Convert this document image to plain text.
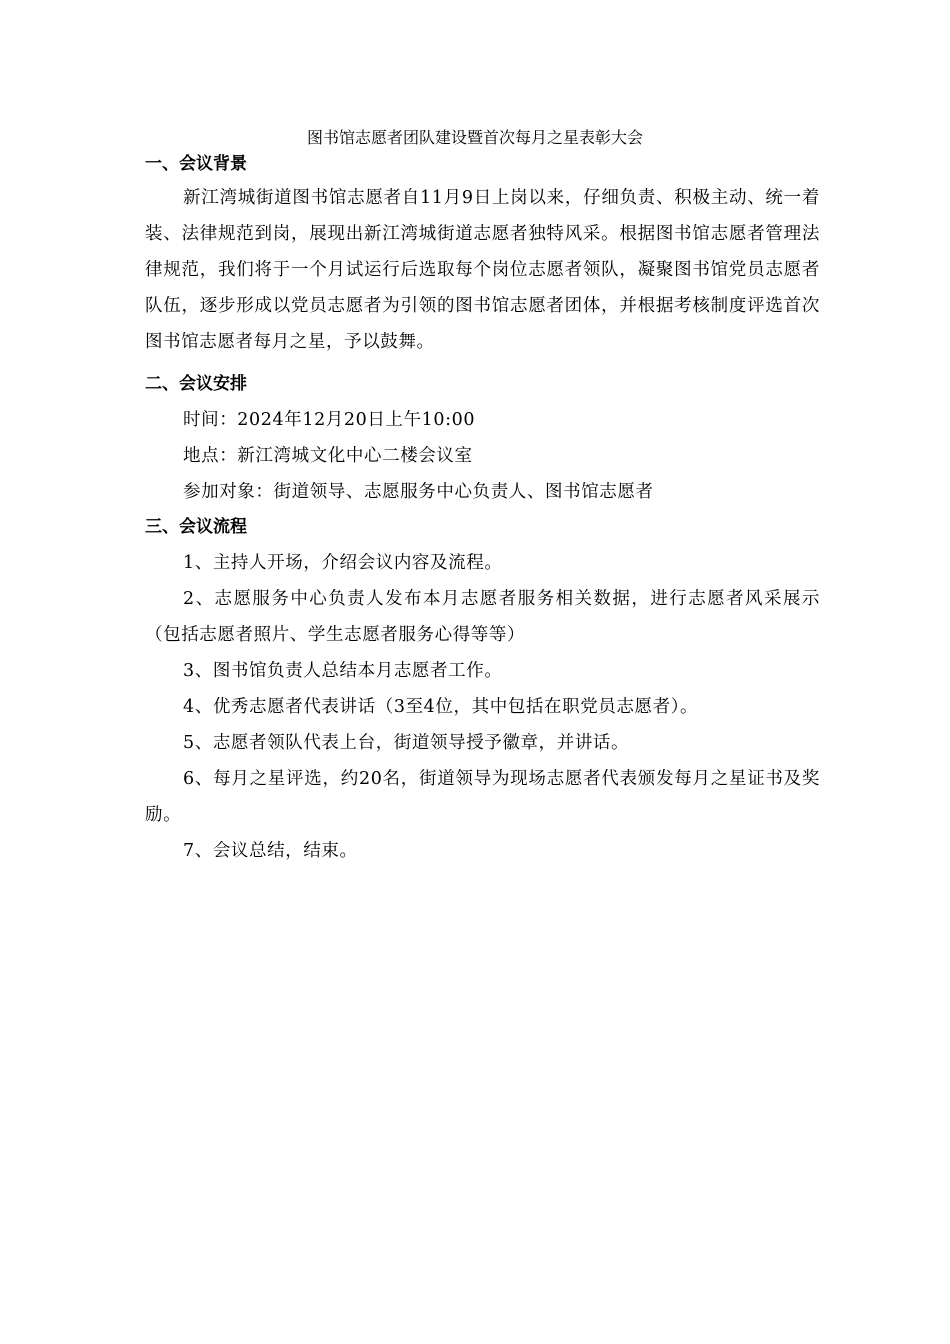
图书馆志愿者团队建设暨首次每月之星表彰大会
一、会议背景
新江湾城街道图书馆志愿者自11月9日上岗以来，仔细负责、积极主动、统一着装、法律规范到岗，展现出新江湾城街道志愿者独特风采。根据图书馆志愿者管理法律规范，我们将于一个月试运行后选取每个岗位志愿者领队，凝聚图书馆党员志愿者队伍，逐步形成以党员志愿者为引领的图书馆志愿者团体，并根据考核制度评选首次图书馆志愿者每月之星，予以鼓舞。
二、会议安排
时间：2024年12月20日上午10:00
地点：新江湾城文化中心二楼会议室
参加对象：街道领导、志愿服务中心负责人、图书馆志愿者
三、会议流程
1、主持人开场，介绍会议内容及流程。
2、志愿服务中心负责人发布本月志愿者服务相关数据，进行志愿者风采展示（包括志愿者照片、学生志愿者服务心得等等）
3、图书馆负责人总结本月志愿者工作。
4、优秀志愿者代表讲话（3至4位，其中包括在职党员志愿者）。
5、志愿者领队代表上台，街道领导授予徽章，并讲话。
6、每月之星评选，约20名，街道领导为现场志愿者代表颁发每月之星证书及奖励。
7、会议总结，结束。
